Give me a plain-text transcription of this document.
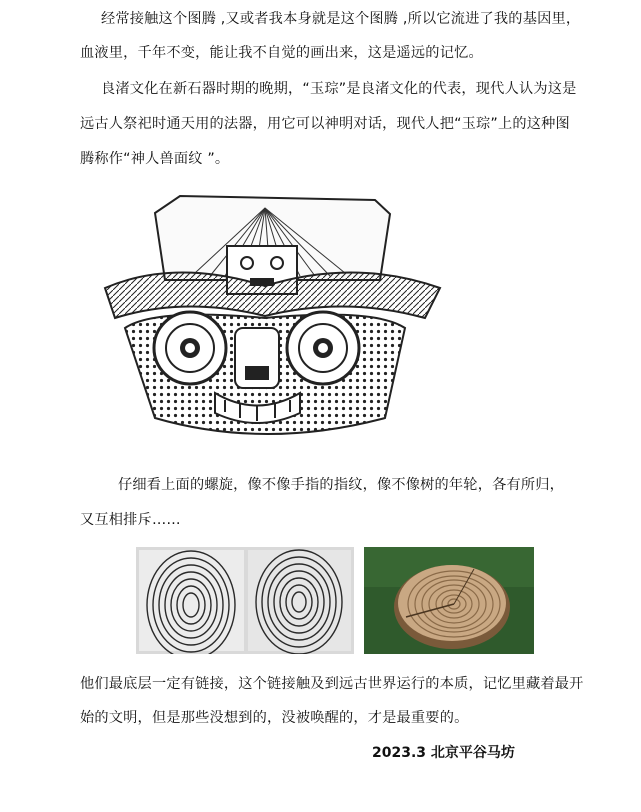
经常接触这个图腾 ,又或者我本身就是这个图腾 ,所以它流进了我的基因里，
血液里，千年不变，能让我不自觉的画出来，这是遥远的记忆。
良渚文化在新石器时期的晚期，“玉琮”是良渚文化的代表，现代人认为这是
远古人祭祀时通天用的法器，用它可以神明对话，现代人把“玉琮”上的这种图
腾称作“神人兽面纹 ”。
仔细看上面的螺旋，像不像手指的指纹，像不像树的年轮，各有所归，
又互相排斥……
他们最底层一定有链接，这个链接触及到远古世界运行的本质，记忆里藏着最开
始的文明，但是那些没想到的，没被唤醒的，才是最重要的。
2023.3 北京平谷马坊
